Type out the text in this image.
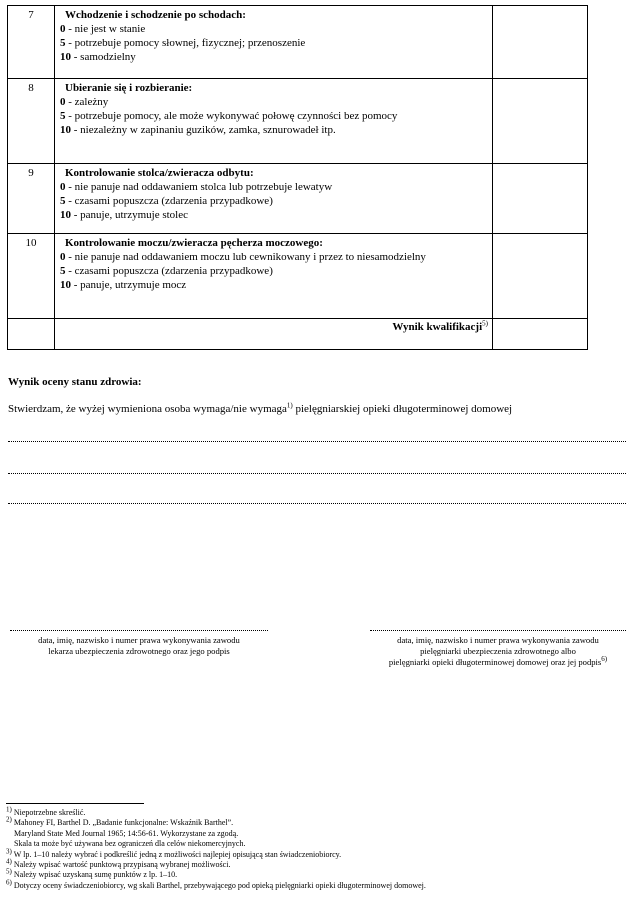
7	Wchodzenie i schodzenie po schodach:
0 - nie jest w stanie
5 - potrzebuje pomocy słownej, fizycznej; przenoszenie
10 - samodzielny	

8	Ubieranie się i rozbieranie:
0 - zależny
5 - potrzebuje pomocy, ale może wykonywać połowę czynności bez pomocy
10 - niezależny w zapinaniu guzików, zamka, sznurowadeł itp.	

9	Kontrolowanie stolca/zwieracza odbytu:
0 - nie panuje nad oddawaniem stolca lub potrzebuje lewatyw
5 - czasami popuszcza (zdarzenia przypadkowe)
10 - panuje, utrzymuje stolec	

10	Kontrolowanie moczu/zwieracza pęcherza moczowego:
0 - nie panuje nad oddawaniem moczu lub cewnikowany i przez to niesamodzielny
5 - czasami popuszcza (zdarzenia przypadkowe)
10 - panuje, utrzymuje mocz	

	Wynik kwalifikacji$^{5)}$	
Wynik oceny stanu zdrowia:
Stwierdzam, że wyżej wymieniona osoba wymaga/nie wymaga$^{1)}$ pielęgniarskiej opieki długoterminowej domowej
data, imię, nazwisko i numer prawa wykonywania zawodu
lekarza ubezpieczenia zdrowotnego oraz jego podpis
data, imię, nazwisko i numer prawa wykonywania zawodu
pielęgniarki ubezpieczenia zdrowotnego albo
pielęgniarki opieki długoterminowej domowej oraz jej podpis$^{6)}$
$^{1)}$ Niepotrzebne skreślić.
$^{2)}$ Mahoney FI, Barthel D. „Badanie funkcjonalne: Wskaźnik Barthel”.
Maryland State Med Journal 1965; 14:56-61. Wykorzystane za zgodą.
Skala ta może być używana bez ograniczeń dla celów niekomercyjnych.
$^{3)}$ W lp. 1–10 należy wybrać i podkreślić jedną z możliwości najlepiej opisującą stan świadczeniobiorcy.
$^{4)}$ Należy wpisać wartość punktową przypisaną wybranej możliwości.
$^{5)}$ Należy wpisać uzyskaną sumę punktów z lp. 1–10.
$^{6)}$ Dotyczy oceny świadczeniobiorcy, wg skali Barthel, przebywającego pod opieką pielęgniarki opieki długoterminowej domowej.
